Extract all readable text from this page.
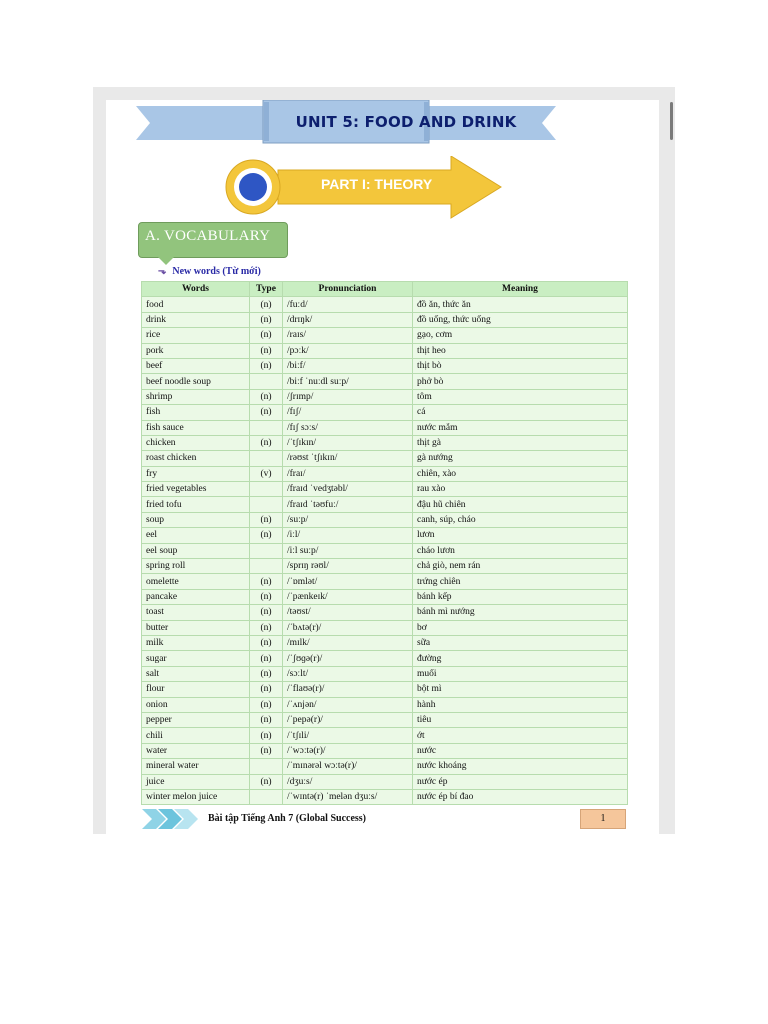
UNIT 5: FOOD AND DRINK
PART I: THEORY
A. VOCABULARY
⬎ New words (Từ mới)
Words	Type	Pronunciation	Meaning
food	(n)	/fuːd/	đồ ăn, thức ăn
drink	(n)	/drɪŋk/	đồ uống, thức uống
rice	(n)	/raɪs/	gạo, cơm
pork	(n)	/pɔːk/	thịt heo
beef	(n)	/biːf/	thịt bò
beef noodle soup		/biːf ˈnuːdl suːp/	phở bò
shrimp	(n)	/ʃrɪmp/	tôm
fish	(n)	/fɪʃ/	cá
fish sauce		/fɪʃ sɔːs/	nước mắm
chicken	(n)	/ˈtʃɪkɪn/	thịt gà
roast chicken		/rəʊst ˈtʃɪkɪn/	gà nướng
fry	(v)	/fraɪ/	chiên, xào
fried vegetables		/fraɪd ˈvedʒtəbl/	rau xào
fried tofu		/fraɪd ˈtəʊfuː/	đậu hũ chiên
soup	(n)	/suːp/	canh, súp, cháo
eel	(n)	/iːl/	lươn
eel soup		/iːl suːp/	cháo lươn
spring roll		/sprɪŋ rəʊl/	chả giò, nem rán
omelette	(n)	/ˈɒmlət/	trứng chiên
pancake	(n)	/ˈpænkeɪk/	bánh kếp
toast	(n)	/təʊst/	bánh mì nướng
butter	(n)	/ˈbʌtə(r)/	bơ
milk	(n)	/mɪlk/	sữa
sugar	(n)	/ˈʃʊɡə(r)/	đường
salt	(n)	/sɔːlt/	muối
flour	(n)	/ˈflaʊə(r)/	bột mì
onion	(n)	/ˈʌnjən/	hành
pepper	(n)	/ˈpepə(r)/	tiêu
chili	(n)	/ˈtʃɪli/	ớt
water	(n)	/ˈwɔːtə(r)/	nước
mineral water		/ˈmɪnərəl wɔːtə(r)/	nước khoáng
juice	(n)	/dʒuːs/	nước ép
winter melon juice		/ˈwɪntə(r) ˈmelən dʒuːs/	nước ép bí đao
Bài tập Tiếng Anh 7 (Global Success)	1
